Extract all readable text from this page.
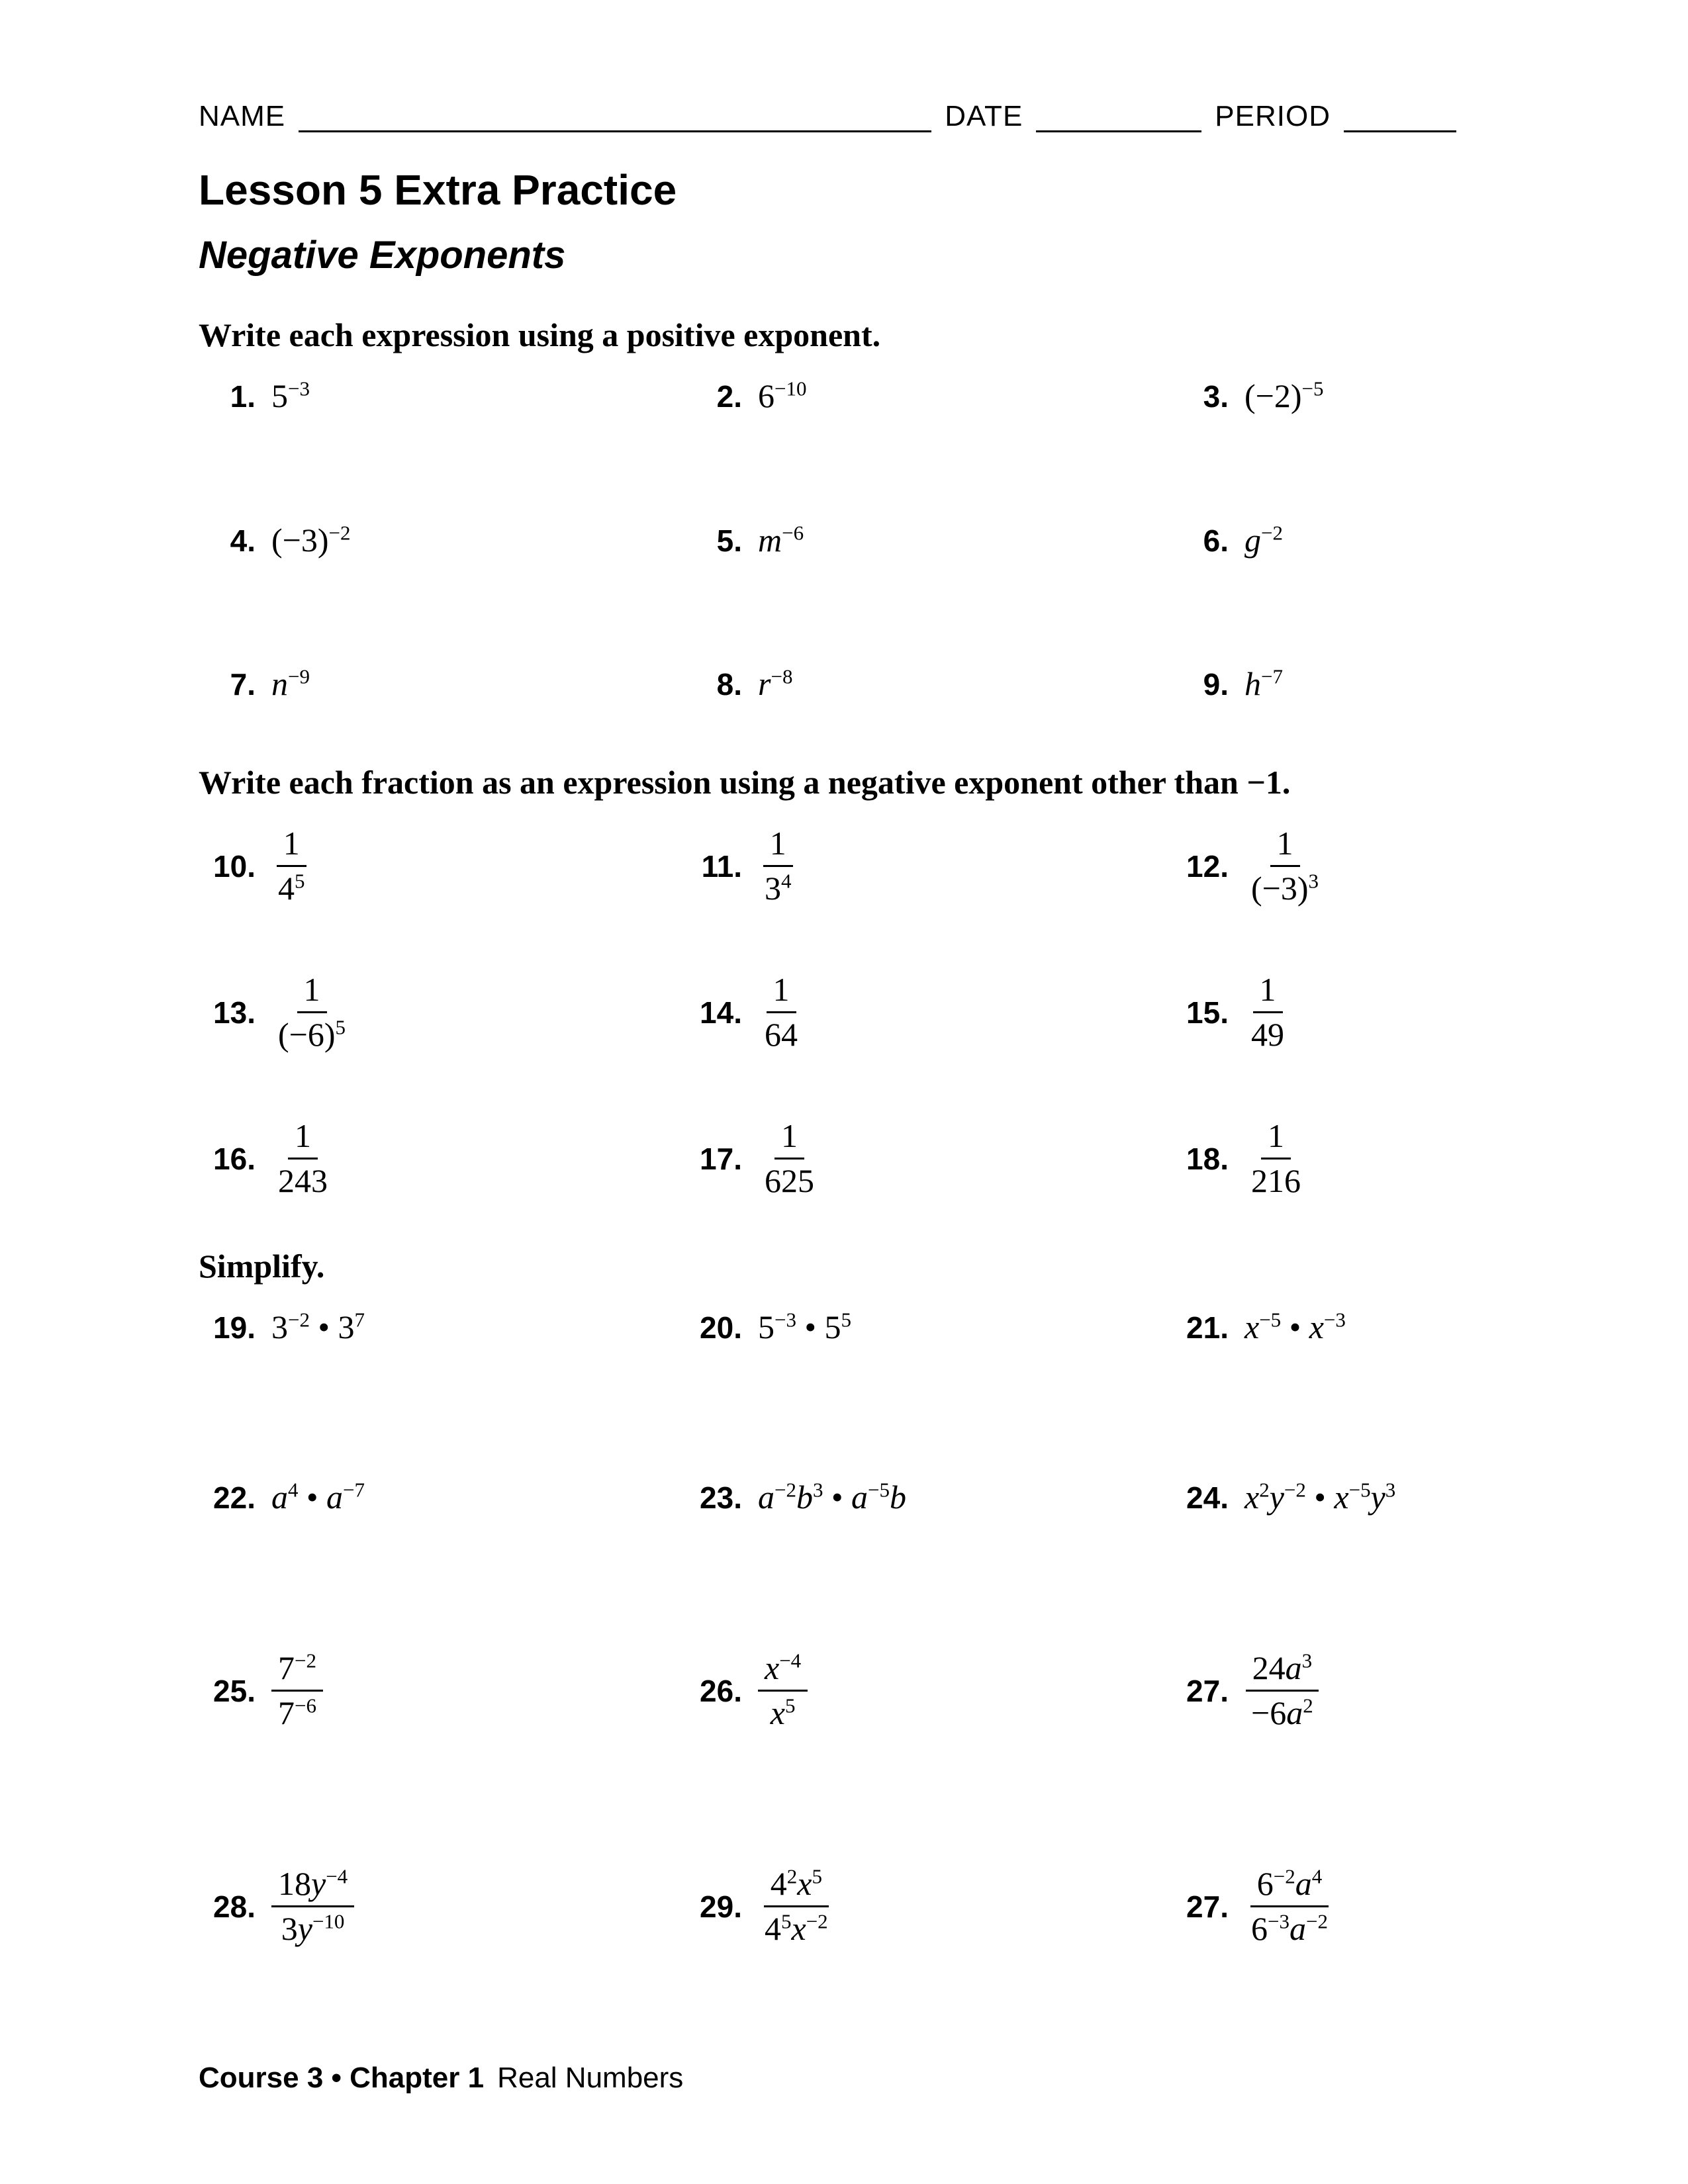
NAME	DATE	PERIOD
Lesson 5 Extra Practice
Negative Exponents

Write each expression using a positive exponent.

1. $5^{-3}$	2. $6^{-10}$	3. $(-2)^{-5}$
4. $(-3)^{-2}$	5. $m^{-6}$	6. $g^{-2}$
7. $n^{-9}$	8. $r^{-8}$	9. $h^{-7}$

Write each fraction as an expression using a negative exponent other than −1.

10. $\frac{1}{4^5}$	11. $\frac{1}{3^4}$	12. $\frac{1}{(-3)^3}$
13. $\frac{1}{(-6)^5}$	14. $\frac{1}{64}$	15. $\frac{1}{49}$
16. $\frac{1}{243}$	17. $\frac{1}{625}$	18. $\frac{1}{216}$

Simplify.

19. $3^{-2}$ • $3^7$	20. $5^{-3}$ • $5^5$	21. $x^{-5}$ • $x^{-3}$
22. $a^4$ • $a^{-7}$	23. $a^{-2}b^3$ • $a^{-5}b$	24. $x^2y^{-2}$ • $x^{-5}y^3$
25. $\frac{7^{-2}}{7^{-6}}$	26. $\frac{x^{-4}}{x^5}$	27. $\frac{24a^3}{-6a^2}$
28. $\frac{18y^{-4}}{3y^{-10}}$	29. $\frac{4^2x^5}{4^5x^{-2}}$	27. $\frac{6^{-2}a^4}{6^{-3}a^{-2}}$
Course 3 • Chapter 1 Real Numbers
